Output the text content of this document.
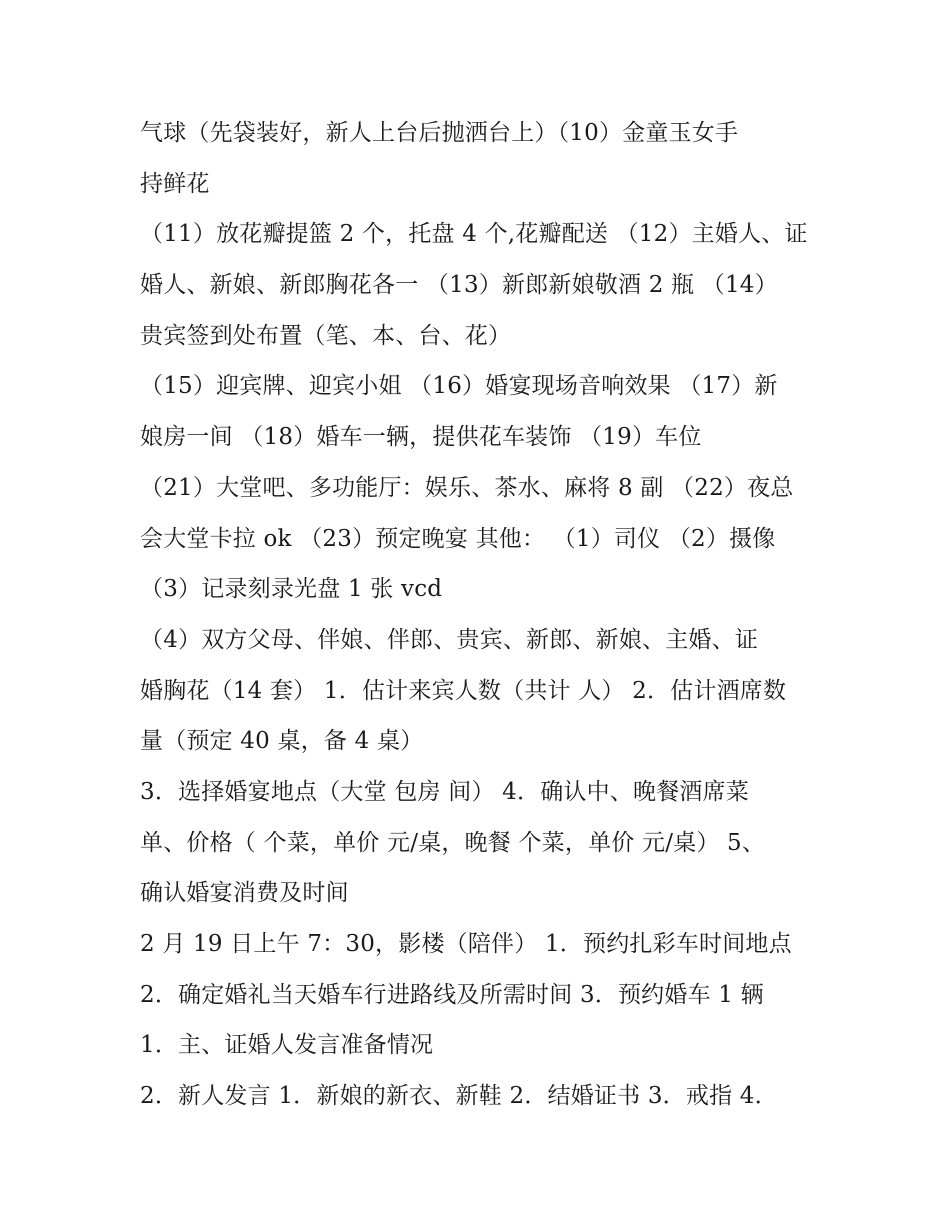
气球（先袋装好，新人上台后抛洒台上）（10）金童玉女手
持鲜花
（11）放花瓣提篮 2 个，托盘 4 个,花瓣配送 （12）主婚人、证
婚人、新娘、新郎胸花各一 （13）新郎新娘敬酒 2 瓶 （14）
贵宾签到处布置（笔、本、台、花）
（15）迎宾牌、迎宾小姐 （16）婚宴现场音响效果 （17）新
娘房一间 （18）婚车一辆，提供花车装饰 （19）车位
（21）大堂吧、多功能厅：娱乐、茶水、麻将 8 副 （22）夜总
会大堂卡拉 ok （23）预定晚宴 其他： （1）司仪 （2）摄像
（3）记录刻录光盘 1 张 vcd
（4）双方父母、伴娘、伴郎、贵宾、新郎、新娘、主婚、证
婚胸花（14 套） 1．估计来宾人数（共计 人） 2．估计酒席数
量（预定 40 桌，备 4 桌）
3．选择婚宴地点（大堂 包房 间） 4．确认中、晚餐酒席菜
单、价格（ 个菜，单价 元/桌，晚餐 个菜，单价 元/桌） 5、
确认婚宴消费及时间
2 月 19 日上午 7：30，影楼（陪伴） 1．预约扎彩车时间地点
2．确定婚礼当天婚车行进路线及所需时间 3．预约婚车 1 辆
1．主、证婚人发言准备情况
2．新人发言 1．新娘的新衣、新鞋 2．结婚证书 3．戒指 4．
